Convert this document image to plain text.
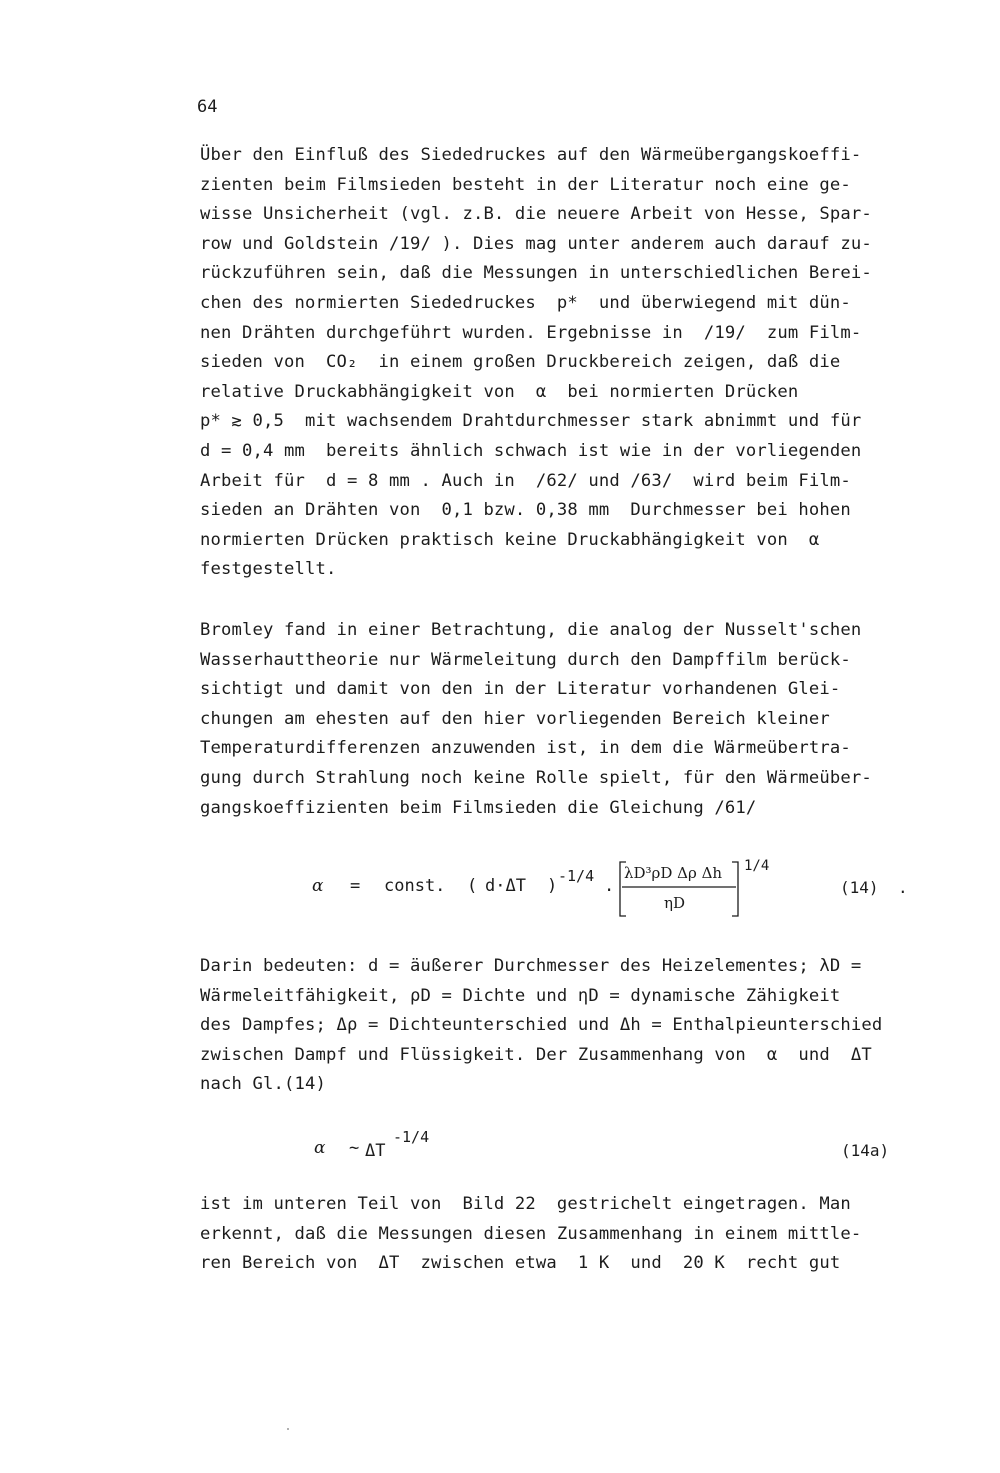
64
Über den Einfluß des Siededruckes auf den Wärmeübergangskoeffi-
zienten beim Filmsieden besteht in der Literatur noch eine ge-
wisse Unsicherheit (vgl. z.B. die neuere Arbeit von Hesse, Spar-
row und Goldstein /19/ ). Dies mag unter anderem auch darauf zu-
rückzuführen sein, daß die Messungen in unterschiedlichen Berei-
chen des normierten Siededruckes  p*  und überwiegend mit dün-
nen Drähten durchgeführt wurden. Ergebnisse in  /19/  zum Film-
sieden von  CO₂  in einem großen Druckbereich zeigen, daß die
relative Druckabhängigkeit von  α  bei normierten Drücken
p* ≳ 0,5  mit wachsendem Drahtdurchmesser stark abnimmt und für
d = 0,4 mm  bereits ähnlich schwach ist wie in der vorliegenden
Arbeit für  d = 8 mm . Auch in  /62/ und /63/  wird beim Film-
sieden an Drähten von  0,1 bzw. 0,38 mm  Durchmesser bei hohen
normierten Drücken praktisch keine Druckabhängigkeit von  α
festgestellt.
Bromley fand in einer Betrachtung, die analog der Nusselt'schen
Wasserhauttheorie nur Wärmeleitung durch den Dampffilm berück-
sichtigt und damit von den in der Literatur vorhandenen Glei-
chungen am ehesten auf den hier vorliegenden Bereich kleiner
Temperaturdifferenzen anzuwenden ist, in dem die Wärmeübertra-
gung durch Strahlung noch keine Rolle spielt, für den Wärmeüber-
gangskoeffizienten beim Filmsieden die Gleichung /61/
α = const. ( d·ΔT ) -1/4 .
λD³ρD Δρ Δh
ηD
1/4
(14) .
Darin bedeuten: d = äußerer Durchmesser des Heizelementes; λD =
Wärmeleitfähigkeit, ρD = Dichte und ηD = dynamische Zähigkeit
des Dampfes; Δρ = Dichteunterschied und Δh = Enthalpieunterschied
zwischen Dampf und Flüssigkeit. Der Zusammenhang von  α  und  ΔT
nach Gl.(14)
α ~ ΔT
-1/4
(14a)
ist im unteren Teil von  Bild 22  gestrichelt eingetragen. Man
erkennt, daß die Messungen diesen Zusammenhang in einem mittle-
ren Bereich von  ΔT  zwischen etwa  1 K  und  20 K  recht gut
